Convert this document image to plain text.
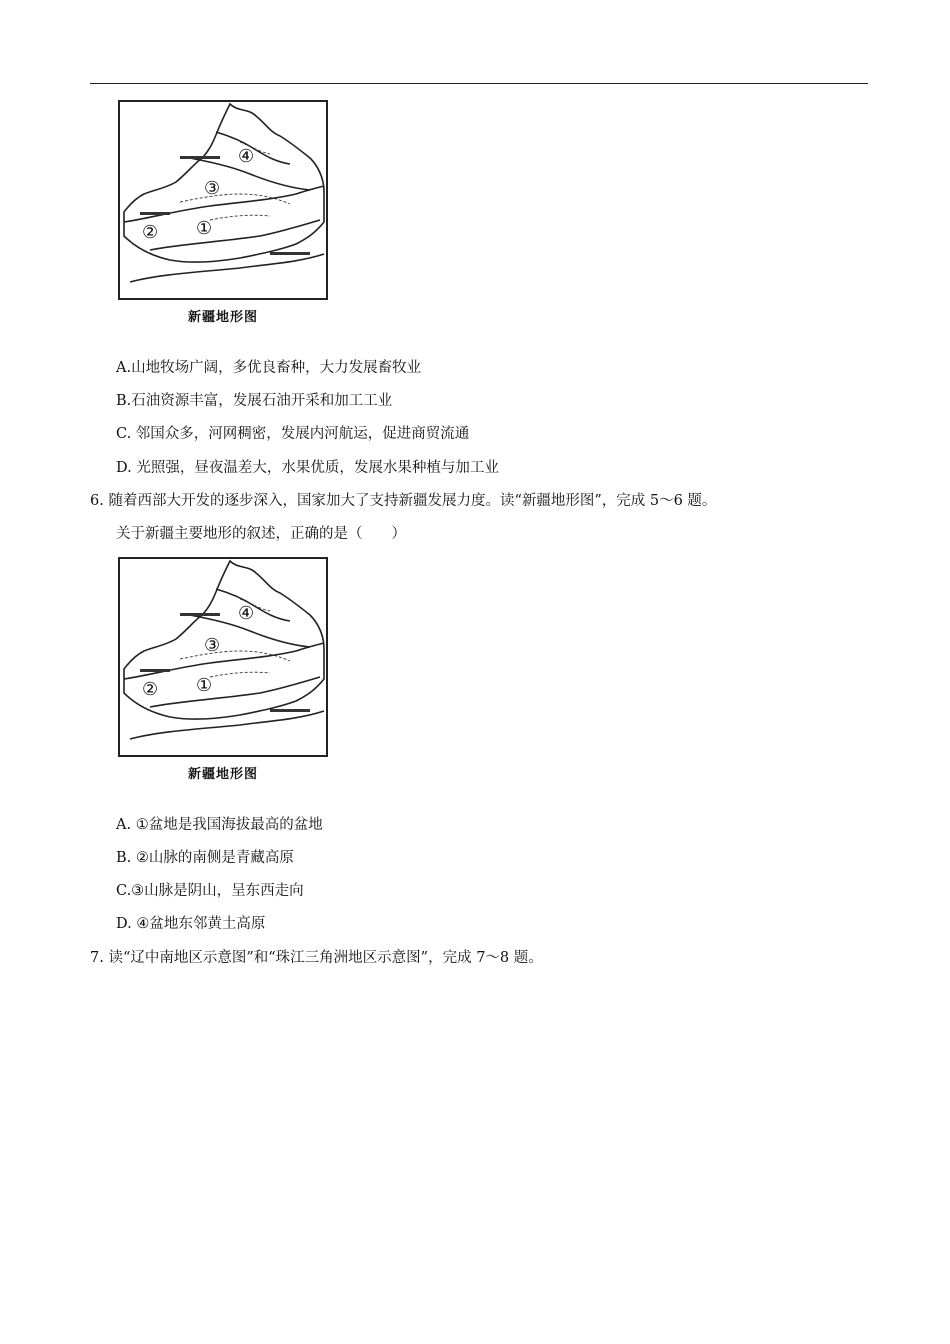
④
③
①
②
新疆地形图
A.山地牧场广阔，多优良畜种，大力发展畜牧业
B.石油资源丰富，发展石油开采和加工工业
C. 邻国众多，河网稠密，发展内河航运，促进商贸流通
D. 光照强，昼夜温差大，水果优质，发展水果种植与加工业
6. 随着西部大开发的逐步深入，国家加大了支持新疆发展力度。读“新疆地形图”，完成 5～6 题。
关于新疆主要地形的叙述，正确的是（　　）
④
③
①
②
新疆地形图
A. ①盆地是我国海拔最高的盆地
B. ②山脉的南侧是青藏高原
C.③山脉是阴山，呈东西走向
D. ④盆地东邻黄土高原
7. 读“辽中南地区示意图”和“珠江三角洲地区示意图”，完成 7～8 题。
